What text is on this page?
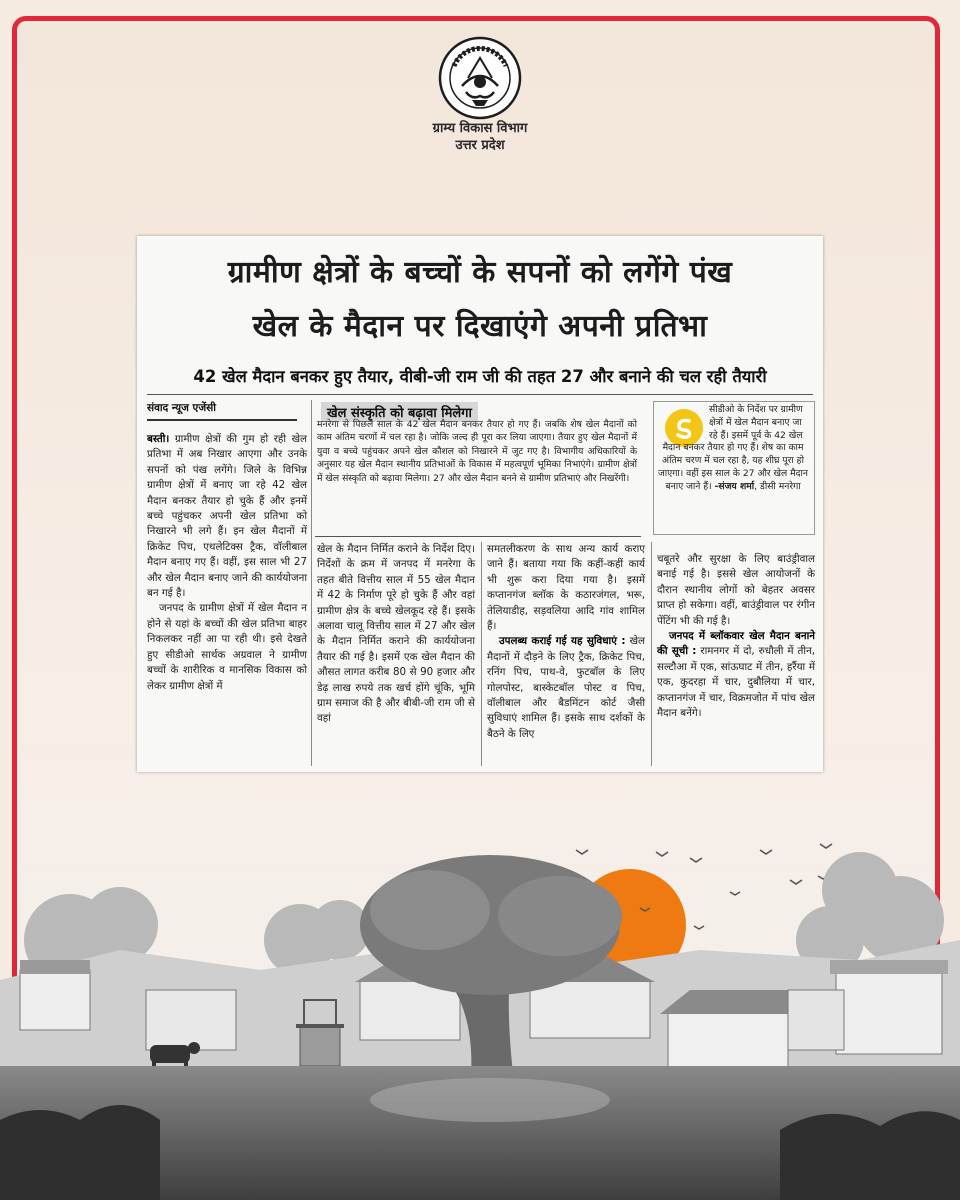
ग्राम्य विकास विभाग
उत्तर प्रदेश
ग्रामीण क्षेत्रों के बच्चों के सपनों को लगेंगे पंख
खेल के मैदान पर दिखाएंगे अपनी प्रतिभा
42 खेल मैदान बनकर हुए तैयार, वीबी-जी राम जी की तहत 27 और बनाने की चल रही तैयारी
संवाद न्यूज एजेंसी

बस्ती। ग्रामीण क्षेत्रों की गुम हो रही खेल प्रतिभा में अब निखार आएगा और उनके सपनों को पंख लगेंगे। जिले के विभिन्न ग्रामीण क्षेत्रों में बनाए जा रहे 42 खेल मैदान बनकर तैयार हो चुके हैं और इनमें बच्चे पहुंचकर अपनी खेल प्रतिभा को निखारने भी लगे हैं। इन खेल मैदानों में क्रिकेट पिच, एथलेटिक्स ट्रैक, वॉलीबाल मैदान बनाए गए हैं। वहीं, इस साल भी 27 और खेल मैदान बनाए जाने की कार्ययोजना बन गई है।

जनपद के ग्रामीण क्षेत्रों में खेल मैदान न होने से यहां के बच्चों की खेल प्रतिभा बाहर निकलकर नहीं आ पा रही थी। इसे देखते हुए सीडीओ सार्थक अग्रवाल ने ग्रामीण बच्चों के शारीरिक व मानसिक विकास को लेकर ग्रामीण क्षेत्रों में

खेल संस्कृति को बढ़ावा मिलेगा
मनरेगा से पिछले साल के 42 खेल मैदान बनकर तैयार हो गए हैं। जबकि शेष खेल मैदानों को काम अंतिम चरणों में चल रहा है। जोकि जल्द ही पूरा कर लिया जाएगा। तैयार हुए खेल मैदानों में युवा व बच्चे पहुंचकर अपने खेल कौशल को निखारने में जुट गए है। विभागीय अधिकारियों के अनुसार यह खेल मैदान स्थानीय प्रतिभाओं के विकास में महत्वपूर्ण भूमिका निभाएंगे। ग्रामीण क्षेत्रों में खेल संस्कृति को बढ़ावा मिलेगा। 27 और खेल मैदान बनने से ग्रामीण प्रतिभाएं और निखरेंगी।
सीडीओ के निर्देश पर ग्रामीण क्षेत्रों में खेल मैदान बनाए जा रहे हैं। इसमें पूर्व के 42 खेल
मैदान बनकर तैयार हो गए हैं। शेष का काम अंतिम चरण में चल रहा है, यह शीघ्र पूरा हो जाएगा। वहीं इस साल के 27 और खेल मैदान बनाए जाने हैं। -संजय शर्मा, डीसी मनरेगा

खेल के मैदान निर्मित कराने के निर्देश दिए। निर्देशों के क्रम में जनपद में मनरेगा के तहत बीते वित्तीय साल में 55 खेल मैदान में 42 के निर्माण पूरे हो चुके हैं और वहां ग्रामीण क्षेत्र के बच्चे खेलकूद रहे हैं। इसके अलावा चालू वित्तीय साल में 27 और खेल के मैदान निर्मित कराने की कार्ययोजना तैयार की गई है। इसमें एक खेल मैदान की औसत लागत करीब 80 से 90 हजार और डेढ़ लाख रुपये तक खर्च होंगे चूंकि, भूमि ग्राम समाज की है और बीबी-जी राम जी से वहां

समतलीकरण के साथ अन्य कार्य कराए जाने हैं। बताया गया कि कहीं-कहीं कार्य भी शुरू करा दिया गया है। इसमें कप्तानगंज ब्लॉक के कठारजंगल, भरू, तेलियाडीह, सड़वलिया आदि गांव शामिल हैं।

उपलब्ध कराई गई यह सुविधाएं : खेल मैदानों में दौड़ने के लिए ट्रैक, क्रिकेट पिच, रनिंग पिच, पाथ-वे, फुटबॉल के लिए गोलपोस्ट, बास्केटबॉल पोस्ट व पिच, वॉलीबाल और बैडमिंटन कोर्ट जैसी सुविधाएं शामिल हैं। इसके साथ दर्शकों के बैठने के लिए

चबूतरे और सुरक्षा के लिए बाउंड्रीवाल बनाई गई है। इससे खेल आयोजनों के दौरान स्थानीय लोगों को बेहतर अवसर प्राप्त हो सकेगा। वहीं, बाउंड्रीवाल पर रंगीन पेंटिंग भी की गई है।

जनपद में ब्लॉकवार खेल मैदान बनाने की सूची : रामनगर में दो, रुधौली में तीन, सल्टौआ में एक, सांऊघाट में तीन, हर्रैया में एक, कुदरहा में चार, दुबौलिया में चार, कप्तानगंज में चार, विक्रमजोत में पांच खेल मैदान बनेंगे।
